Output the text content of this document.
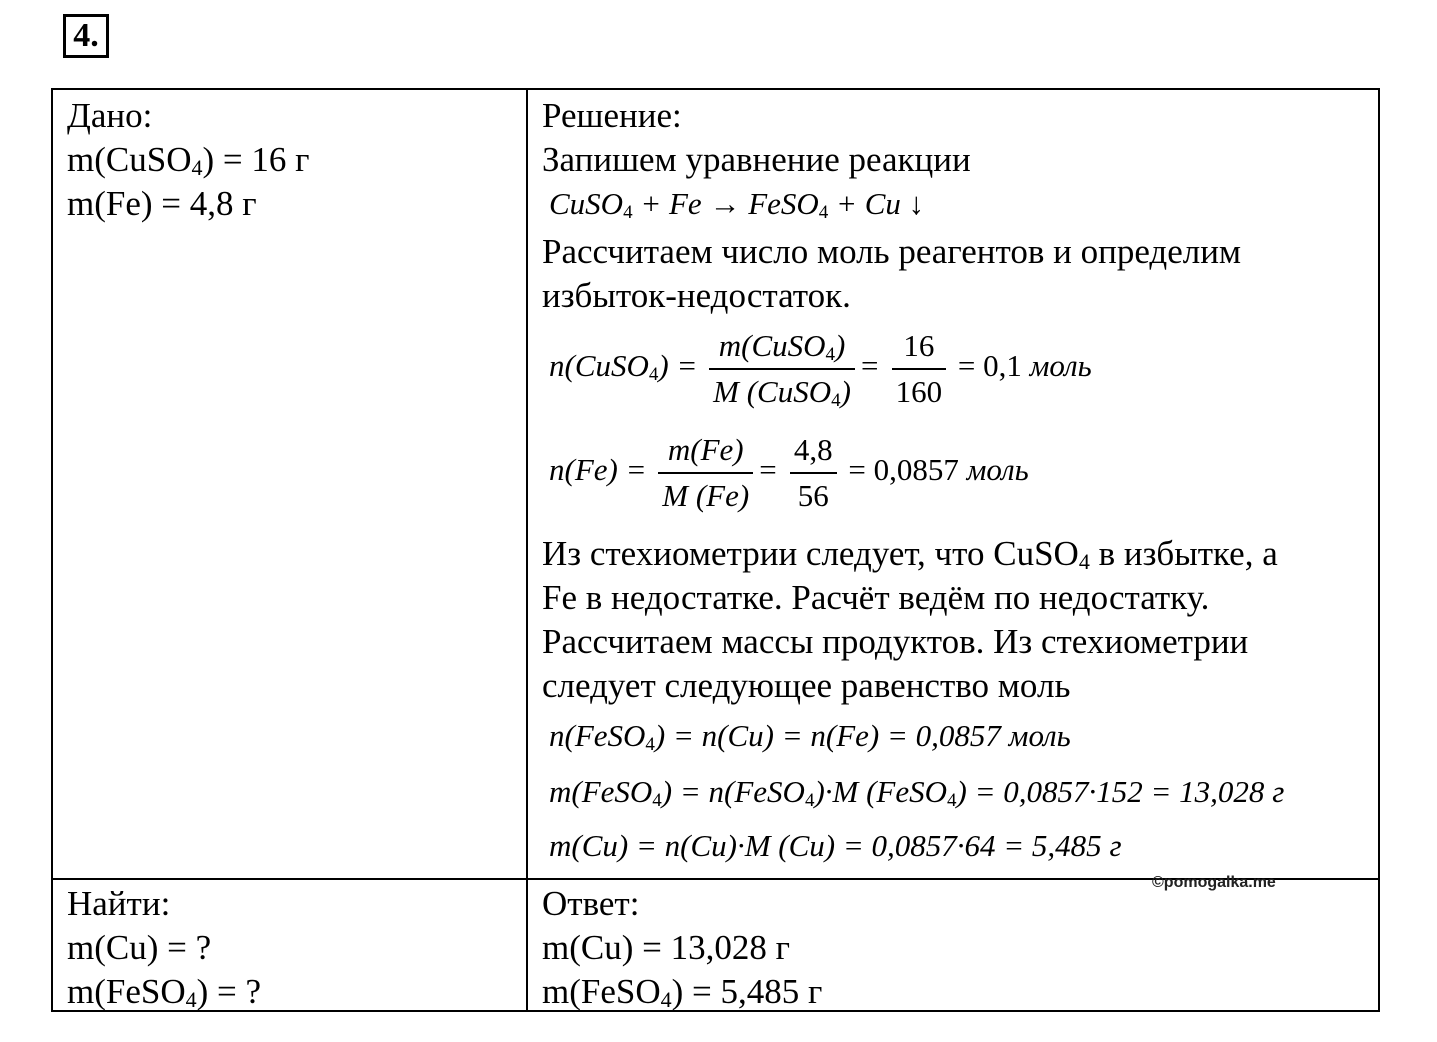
4.
Дано:
m(CuSO$_4$) = 16 г
m(Fe) = 4,8 г
Решение:
Запишем уравнение реакции
CuSO$_4$ + Fe → FeSO$_4$ + Cu ↓
Рассчитаем число моль реагентов и определим
избыток-недостаток.
n(CuSO$_4$) = $\frac{m(CuSO_4)}{M (CuSO_4)} = \frac{16}{160} = 0,1$ моль
$n(Fe) = \frac{m(Fe)}{M (Fe)} = \frac{4,8}{56} = 0,0857$ моль
Из стехиометрии следует, что CuSO$_4$ в избытке, а
Fe в недостатке. Расчёт ведём по недостатку.
Рассчитаем массы продуктов. Из стехиометрии
следует следующее равенство моль
n(FeSO$_4$) = n(Cu) = n(Fe) = 0,0857 моль
m(FeSO$_4$) = n(FeSO$_4$)·M (FeSO$_4$) = 0,0857·152 = 13,028 г
m(Cu) = n(Cu)·M (Cu) = 0,0857·64 = 5,485 г
Найти:
m(Cu) = ?
m(FeSO$_4$) = ?
Ответ:
m(Cu) = 13,028 г
m(FeSO$_4$) = 5,485 г
©pomogalka.me
